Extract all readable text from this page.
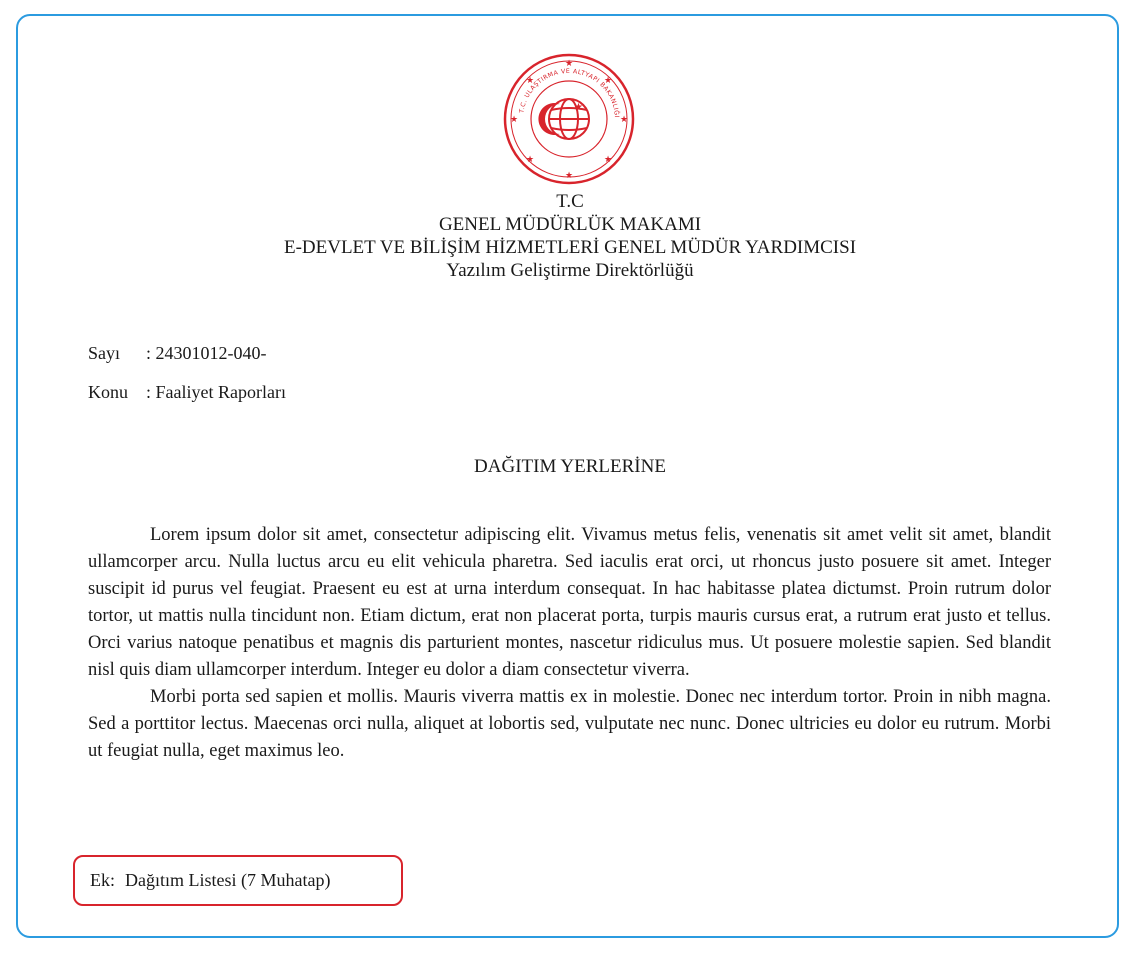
★
★
★	★
★	★
★	★
T.C. ULAŞTIRMA VE ALTYAPI BAKANLIĞI
★
T.C
GENEL MÜDÜRLÜK MAKAMI
E-DEVLET VE BİLİŞİM HİZMETLERİ GENEL MÜDÜR YARDIMCISI
Yazılım Geliştirme Direktörlüğü
Sayı : 24301012-040-
Konu : Faaliyet Raporları
DAĞITIM YERLERİNE

Lorem ipsum dolor sit amet, consectetur adipiscing elit. Vivamus metus felis, venenatis sit amet velit sit amet, blandit ullamcorper arcu. Nulla luctus arcu eu elit vehicula pharetra. Sed iaculis erat orci, ut rhoncus justo posuere sit amet. Integer suscipit id purus vel feugiat. Praesent eu est at urna interdum consequat. In hac habitasse platea dictumst. Proin rutrum dolor tortor, ut mattis nulla tincidunt non. Etiam dictum, erat non placerat porta, turpis mauris cursus erat, a rutrum erat justo et tellus. Orci varius natoque penatibus et magnis dis parturient montes, nascetur ridiculus mus. Ut posuere molestie sapien. Sed blandit nisl quis diam ullamcorper interdum. Integer eu dolor a diam consectetur viverra.

Morbi porta sed sapien et mollis. Mauris viverra mattis ex in molestie. Donec nec interdum tortor. Proin in nibh magna. Sed a porttitor lectus. Maecenas orci nulla, aliquet at lobortis sed, vulputate nec nunc. Donec ultricies eu dolor eu rutrum. Morbi ut feugiat nulla, eget maximus leo.

Ek: Dağıtım Listesi (7 Muhatap)
